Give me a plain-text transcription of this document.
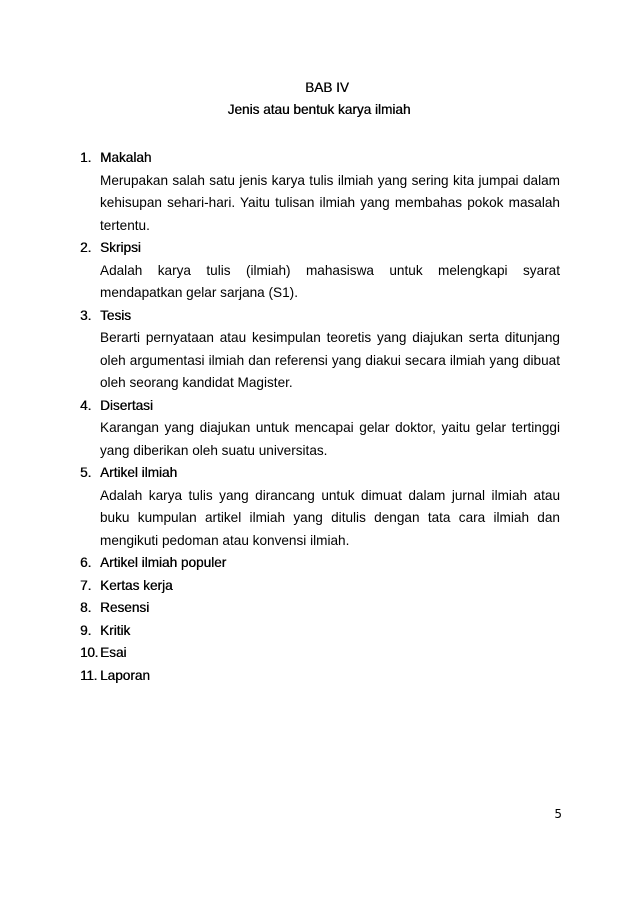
BAB IV
Jenis atau bentuk karya ilmiah
1. Makalah
Merupakan salah satu jenis karya tulis ilmiah yang sering kita jumpai dalam kehisupan sehari-hari. Yaitu tulisan ilmiah yang membahas pokok masalah tertentu.
2. Skripsi
Adalah karya tulis (ilmiah) mahasiswa untuk melengkapi syarat mendapatkan gelar sarjana (S1).
3. Tesis
Berarti pernyataan atau kesimpulan teoretis yang diajukan serta ditunjang oleh argumentasi ilmiah dan referensi yang diakui secara ilmiah yang dibuat oleh seorang kandidat Magister.
4. Disertasi
Karangan yang diajukan untuk mencapai gelar doktor, yaitu gelar tertinggi yang diberikan oleh suatu universitas.
5. Artikel ilmiah
Adalah karya tulis yang dirancang untuk dimuat dalam jurnal ilmiah atau buku kumpulan artikel ilmiah yang ditulis dengan tata cara ilmiah dan mengikuti pedoman atau konvensi ilmiah.
6. Artikel ilmiah populer
7. Kertas kerja
8. Resensi
9. Kritik
10. Esai
11. Laporan
5
